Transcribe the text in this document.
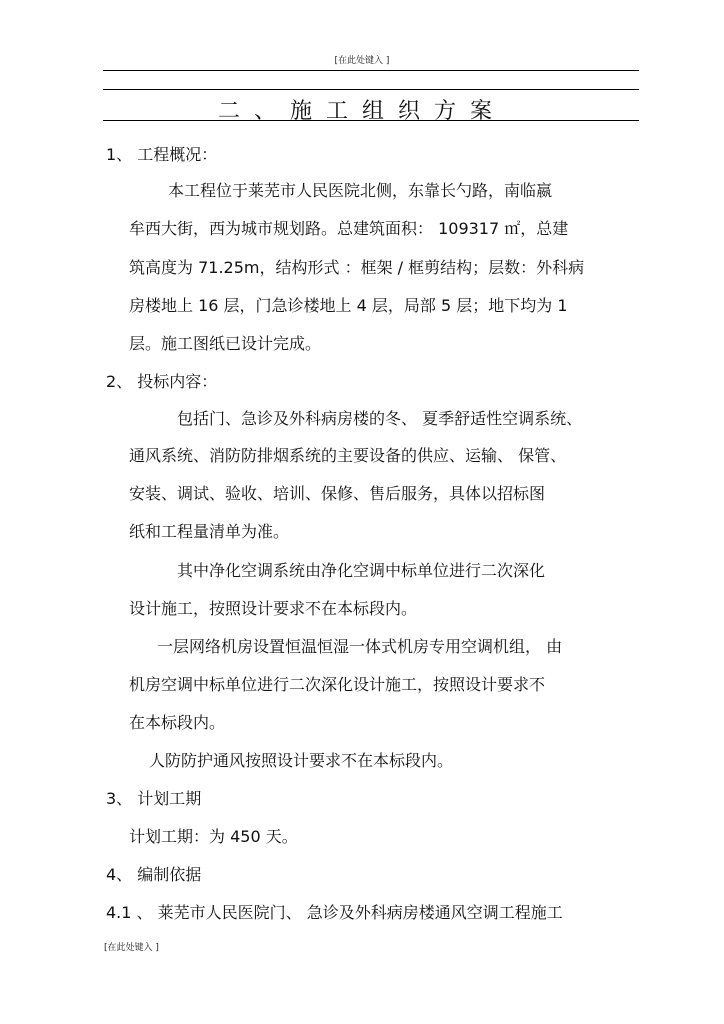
[在此处键入 ]
二、施工组织方案
1、 工程概况：
本工程位于莱芜市人民医院北侧，东靠长勺路，南临嬴
牟西大街，西为城市规划路。总建筑面积： 109317 ㎡，总建
筑高度为 71.25m，结构形式 ：框架 / 框剪结构；层数：外科病
房楼地上 16 层，门急诊楼地上 4 层，局部 5 层；地下均为 1
层。施工图纸已设计完成。
2、 投标内容：
包括门、急诊及外科病房楼的冬、 夏季舒适性空调系统、
通风系统、消防防排烟系统的主要设备的供应、运输、 保管、
安装、调试、验收、培训、保修、售后服务，具体以招标图
纸和工程量清单为准。
其中净化空调系统由净化空调中标单位进行二次深化
设计施工，按照设计要求不在本标段内。
一层网络机房设置恒温恒湿一体式机房专用空调机组， 由
机房空调中标单位进行二次深化设计施工，按照设计要求不
在本标段内。
人防防护通风按照设计要求不在本标段内。
3、 计划工期
计划工期：为 450 天。
4、 编制依据
4.1 、 莱芜市人民医院门、 急诊及外科病房楼通风空调工程施工
[在此处键入 ]
